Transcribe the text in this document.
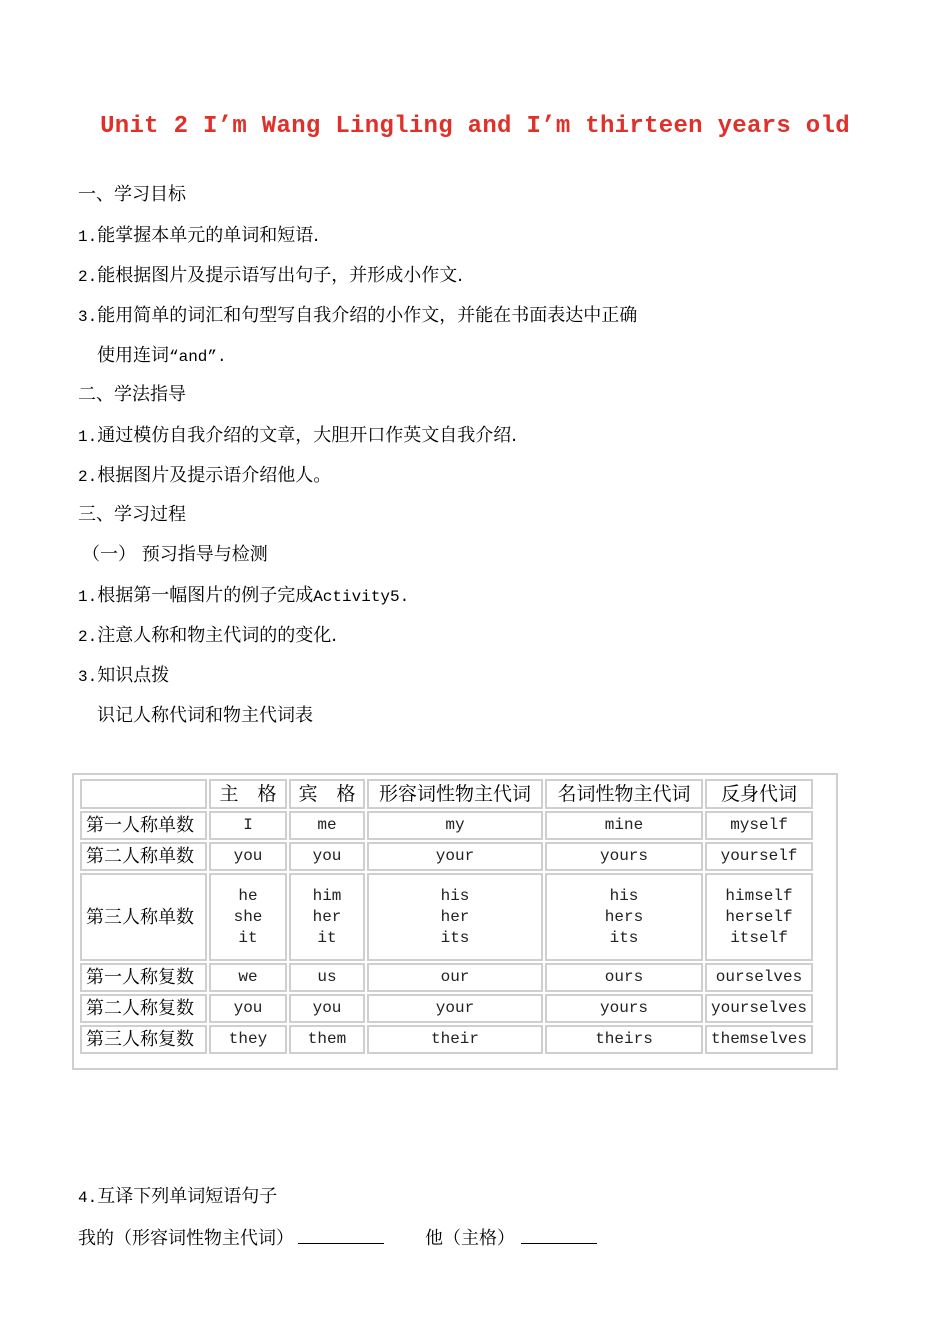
Unit 2 I’m Wang Lingling and I’m thirteen years old
一、学习目标
1.能掌握本单元的单词和短语.
2.能根据图片及提示语写出句子，并形成小作文.
3.能用简单的词汇和句型写自我介绍的小作文，并能在书面表达中正确
使用连词“and”.
二、学法指导
1.通过模仿自我介绍的文章，大胆开口作英文自我介绍.
2.根据图片及提示语介绍他人。
三、学习过程
（一） 预习指导与检测
1.根据第一幅图片的例子完成Activity5.
2.注意人称和物主代词的的变化.
3.知识点拨
识记人称代词和物主代词表
	主　格	宾　格	形容词性物主代词	名词性物主代词	反身代词
第一人称单数	I	me	my	mine	myself
第二人称单数	you	you	your	yours	yourself
第三人称单数	he
she
it	him
her
it	his
her
its	his
hers
its	himself
herself
itself

第一人称复数	we	us	our	ours	ourselves
第二人称复数	you	you	your	yours	yourselves
第三人称复数	they	them	their	theirs	themselves
4.互译下列单词短语句子
我的（形容词性物主代词）	他（主格）
